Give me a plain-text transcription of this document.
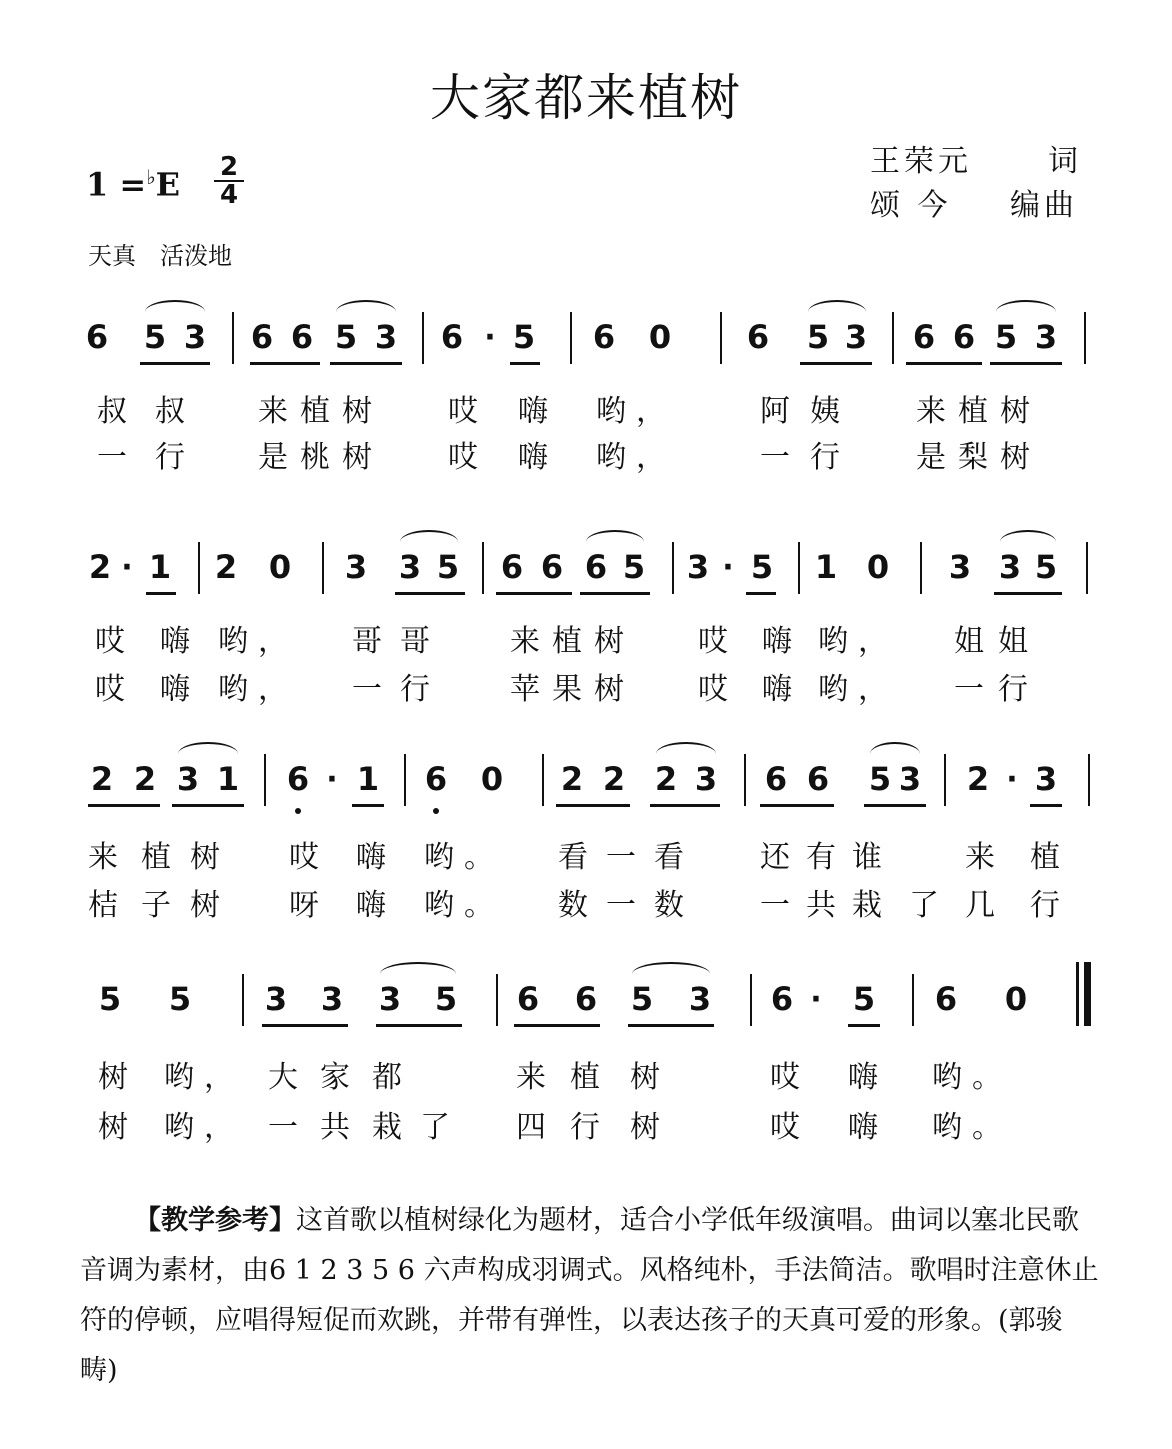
大家都来植树
王荣元	词
颂 今 编曲
1 =♭E 2
4
天真　活泼地
6 5 3 6 6 5 3 6 · 5 6 0 6 5 3 6 6 5 3
叔 叔 来 植 树 哎 嗨 哟，	阿 姨 来 植 树
一 行 是 桃 树 哎 嗨 哟，	一 行 是 梨 树
2 · 1 2 0 3 3 5 6 6 6 5 3 · 5 1 0 3 3 5
哎 嗨 哟， 哥 哥 来 植 树 哎 嗨 哟， 姐 姐
哎 嗨 哟， 一 行 苹 果 树 哎 嗨 哟， 一 行
2 2 3 1 6 · 1 6 0 2 2 2 3 6 6 5 3 2 · 3
来 植 树 哎 嗨 哟。 看 一 看 还 有 谁 来 植
桔 子 树 呀 嗨 哟。 数 一 数 一 共 栽 了 几 行
5 5 3 3 3 5 6 6 5 3 6 · 5 6 0
树 哟， 大 家 都	来 植 树	哎 嗨 哟。
树 哟， 一 共 栽 了 四 行 树	哎 嗨 哟。
【教学参考】这首歌以植树绿化为题材，适合小学低年级演唱。曲词以塞北民歌音调为素材，由6 1 2 3 5 6 六声构成羽调式。风格纯朴，手法简洁。歌唱时注意休止符的停顿，应唱得短促而欢跳，并带有弹性，以表达孩子的天真可爱的形象。(郭骏畴)
